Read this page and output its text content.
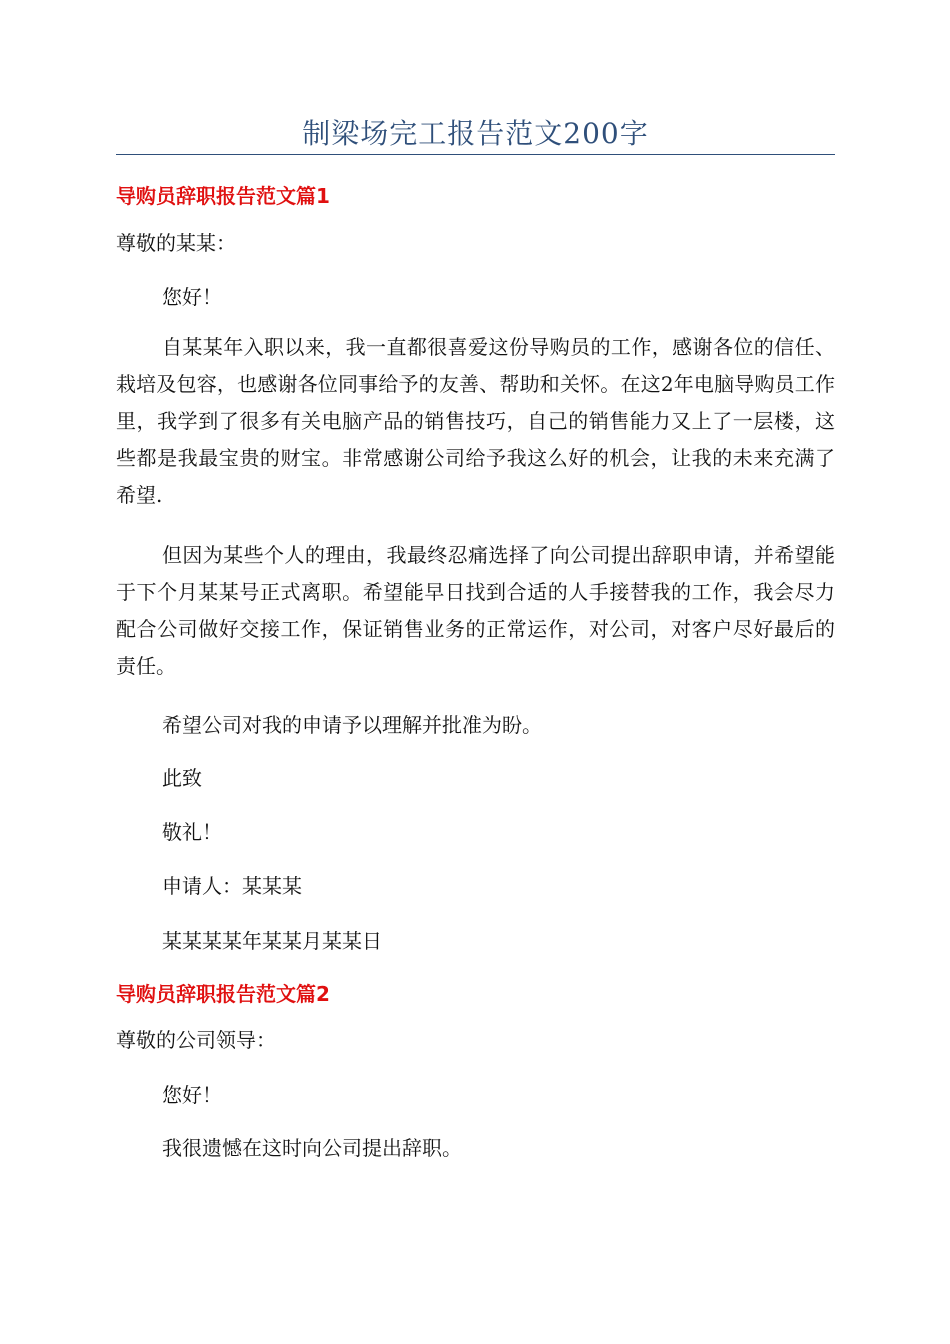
制梁场完工报告范文200字
导购员辞职报告范文篇1
尊敬的某某：
您好！
自某某年入职以来，我一直都很喜爱这份导购员的工作，感谢各位的信任、栽培及包容，也感谢各位同事给予的友善、帮助和关怀。在这2年电脑导购员工作里，我学到了很多有关电脑产品的销售技巧，自己的销售能力又上了一层楼，这些都是我最宝贵的财宝。非常感谢公司给予我这么好的机会，让我的未来充满了希望.
但因为某些个人的理由，我最终忍痛选择了向公司提出辞职申请，并希望能于下个月某某号正式离职。希望能早日找到合适的人手接替我的工作，我会尽力配合公司做好交接工作，保证销售业务的正常运作，对公司，对客户尽好最后的责任。
希望公司对我的申请予以理解并批准为盼。
此致
敬礼！
申请人：某某某
某某某某年某某月某某日
导购员辞职报告范文篇2
尊敬的公司领导：
您好！
我很遗憾在这时向公司提出辞职。
